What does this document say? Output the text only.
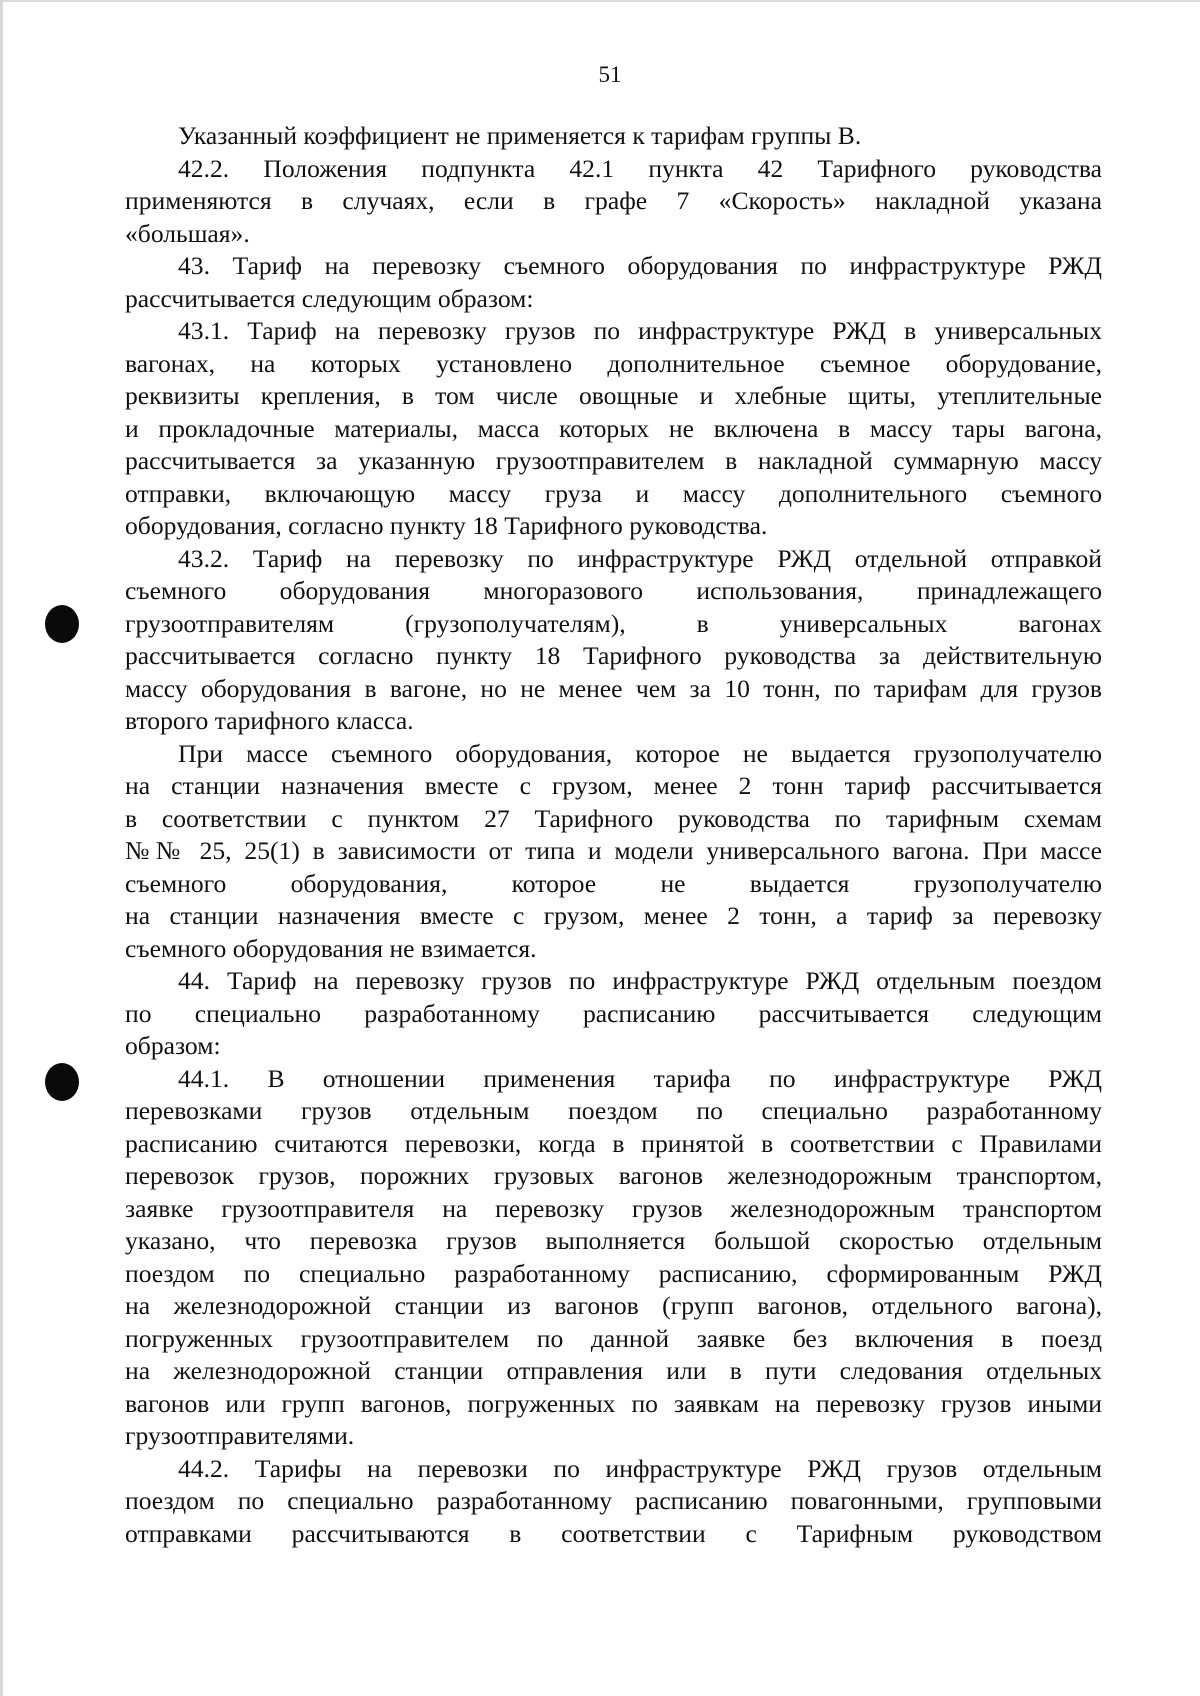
51
Указанный коэффициент не применяется к тарифам группы В.
42.2. Положения подпункта 42.1 пункта 42 Тарифного руководства
применяются в случаях, если в графе 7 «Скорость» накладной указана
«большая».
43. Тариф на перевозку съемного оборудования по инфраструктуре РЖД
рассчитывается следующим образом:
43.1. Тариф на перевозку грузов по инфраструктуре РЖД в универсальных
вагонах, на которых установлено дополнительное съемное оборудование,
реквизиты крепления, в том числе овощные и хлебные щиты, утеплительные
и прокладочные материалы, масса которых не включена в массу тары вагона,
рассчитывается за указанную грузоотправителем в накладной суммарную массу
отправки, включающую массу груза и массу дополнительного съемного
оборудования, согласно пункту 18 Тарифного руководства.
43.2. Тариф на перевозку по инфраструктуре РЖД отдельной отправкой
съемного оборудования многоразового использования, принадлежащего
грузоотправителям (грузополучателям), в универсальных вагонах
рассчитывается согласно пункту 18 Тарифного руководства за действительную
массу оборудования в вагоне, но не менее чем за 10 тонн, по тарифам для грузов
второго тарифного класса.
При массе съемного оборудования, которое не выдается грузополучателю
на станции назначения вместе с грузом, менее 2 тонн тариф рассчитывается
в соответствии с пунктом 27 Тарифного руководства по тарифным схемам
№№ 25, 25(1) в зависимости от типа и модели универсального вагона. При массе
съемного оборудования, которое не выдается грузополучателю
на станции назначения вместе с грузом, менее 2 тонн, а тариф за перевозку
съемного оборудования не взимается.
44. Тариф на перевозку грузов по инфраструктуре РЖД отдельным поездом
по специально разработанному расписанию рассчитывается следующим
образом:
44.1. В отношении применения тарифа по инфраструктуре РЖД
перевозками грузов отдельным поездом по специально разработанному
расписанию считаются перевозки, когда в принятой в соответствии с Правилами
перевозок грузов, порожних грузовых вагонов железнодорожным транспортом,
заявке грузоотправителя на перевозку грузов железнодорожным транспортом
указано, что перевозка грузов выполняется большой скоростью отдельным
поездом по специально разработанному расписанию, сформированным РЖД
на железнодорожной станции из вагонов (групп вагонов, отдельного вагона),
погруженных грузоотправителем по данной заявке без включения в поезд
на железнодорожной станции отправления или в пути следования отдельных
вагонов или групп вагонов, погруженных по заявкам на перевозку грузов иными
грузоотправителями.
44.2. Тарифы на перевозки по инфраструктуре РЖД грузов отдельным
поездом по специально разработанному расписанию повагонными, групповыми
отправками рассчитываются в соответствии с Тарифным руководством
